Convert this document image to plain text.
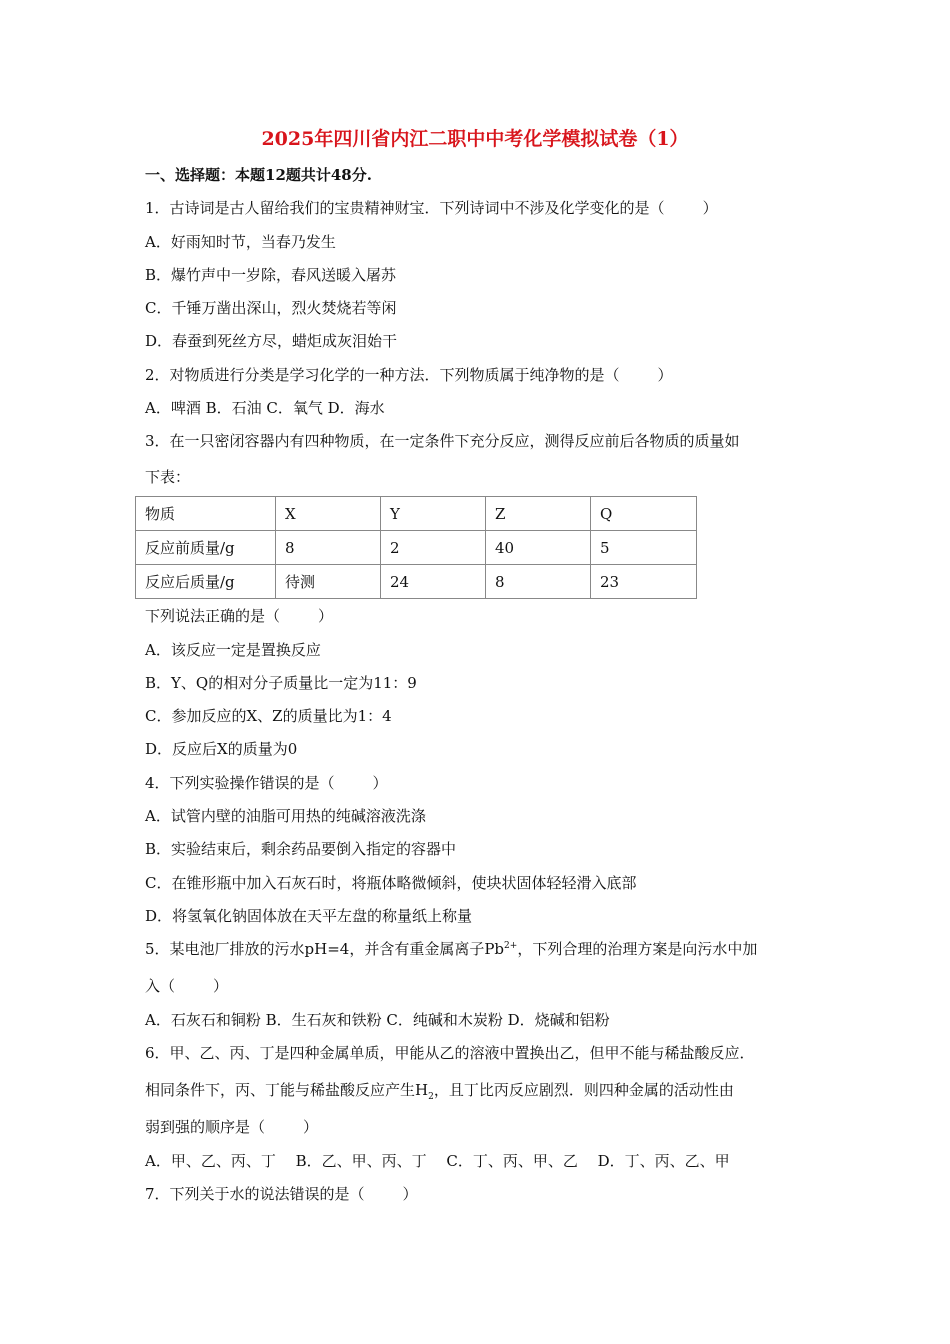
2025年四川省内江二职中中考化学模拟试卷（1）
一、选择题：本题12题共计48分.
1．古诗词是古人留给我们的宝贵精神财宝．下列诗词中不涉及化学变化的是（	）
A．好雨知时节，当春乃发生
B．爆竹声中一岁除，春风送暖入屠苏
C．千锤万凿出深山，烈火焚烧若等闲
D．春蚕到死丝方尽，蜡炬成灰泪始干
2．对物质进行分类是学习化学的一种方法．下列物质属于纯净物的是（	）
A．啤酒 B．石油 C．氧气 D．海水
3．在一只密闭容器内有四种物质，在一定条件下充分反应，测得反应前后各物质的质量如
下表：
物质	X	Y	Z	Q
反应前质量/g	8	2	40	5
反应后质量/g	待测	24	8	23
下列说法正确的是（	）
A．该反应一定是置换反应
B．Y、Q的相对分子质量比一定为11：9
C．参加反应的X、Z的质量比为1：4
D．反应后X的质量为0
4．下列实验操作错误的是（	）
A．试管内壁的油脂可用热的纯碱溶液洗涤
B．实验结束后，剩余药品要倒入指定的容器中
C．在锥形瓶中加入石灰石时，将瓶体略微倾斜，使块状固体轻轻滑入底部
D．将氢氧化钠固体放在天平左盘的称量纸上称量
5．某电池厂排放的污水pH=4，并含有重金属离子$Pb^{2+}$，下列合理的治理方案是向污水中加
入（	）
A．石灰石和铜粉 B．生石灰和铁粉 C．纯碱和木炭粉 D．烧碱和铝粉
6．甲、乙、丙、丁是四种金属单质，甲能从乙的溶液中置换出乙，但甲不能与稀盐酸反应．
相同条件下，丙、丁能与稀盐酸反应产生$H_2$，且丁比丙反应剧烈．则四种金属的活动性由
弱到强的顺序是（	）
A．甲、乙、丙、丁　 B．乙、甲、丙、丁　 C．丁、丙、甲、乙　 D．丁、丙、乙、甲
7．下列关于水的说法错误的是（	）
